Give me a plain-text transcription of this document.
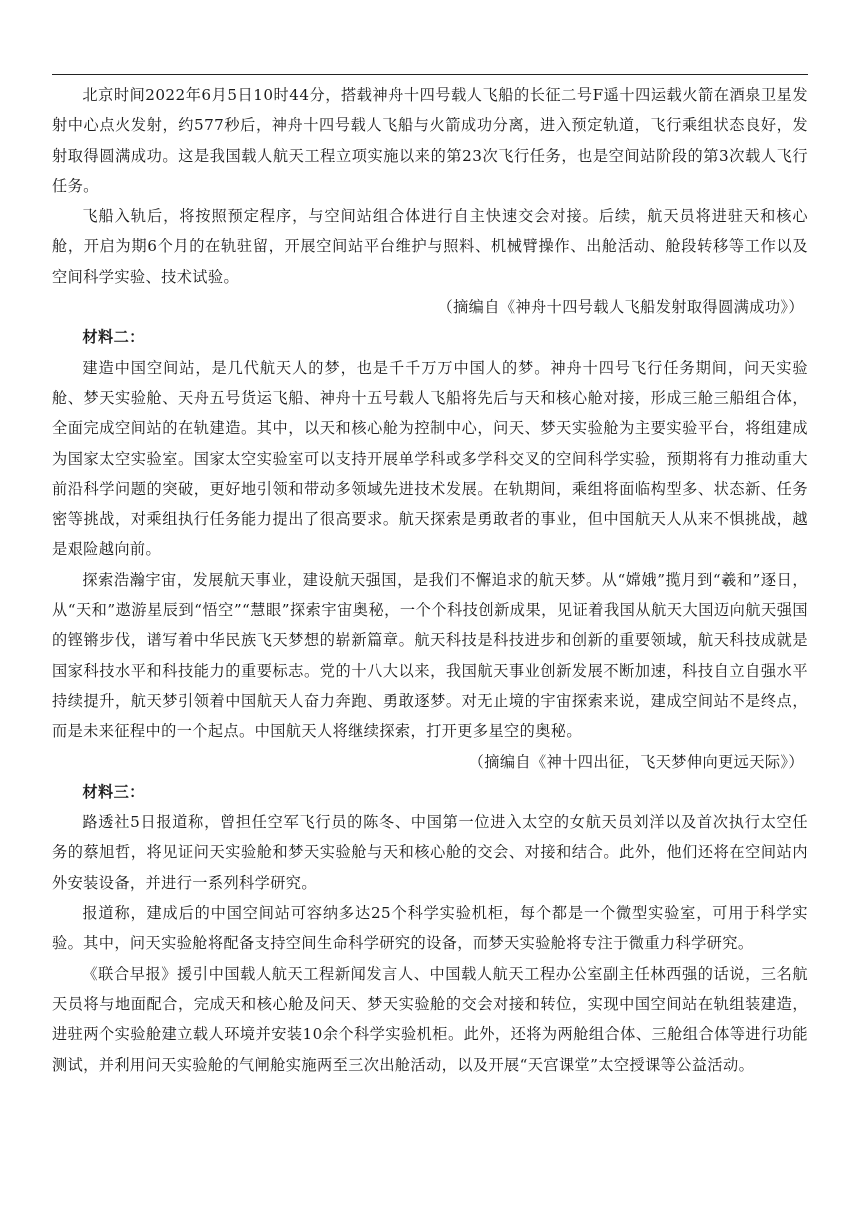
北京时间2022年6月5日10时44分，搭载神舟十四号载人飞船的长征二号F遥十四运载火箭在酒泉卫星发射中心点火发射，约577秒后，神舟十四号载人飞船与火箭成功分离，进入预定轨道，飞行乘组状态良好，发射取得圆满成功。这是我国载人航天工程立项实施以来的第23次飞行任务，也是空间站阶段的第3次载人飞行任务。

飞船入轨后，将按照预定程序，与空间站组合体进行自主快速交会对接。后续，航天员将进驻天和核心舱，开启为期6个月的在轨驻留，开展空间站平台维护与照料、机械臂操作、出舱活动、舱段转移等工作以及空间科学实验、技术试验。

（摘编自《神舟十四号载人飞船发射取得圆满成功》）

材料二：

建造中国空间站，是几代航天人的梦，也是千千万万中国人的梦。神舟十四号飞行任务期间，问天实验舱、梦天实验舱、天舟五号货运飞船、神舟十五号载人飞船将先后与天和核心舱对接，形成三舱三船组合体，全面完成空间站的在轨建造。其中，以天和核心舱为控制中心，问天、梦天实验舱为主要实验平台，将组建成为国家太空实验室。国家太空实验室可以支持开展单学科或多学科交叉的空间科学实验，预期将有力推动重大前沿科学问题的突破，更好地引领和带动多领域先进技术发展。在轨期间，乘组将面临构型多、状态新、任务密等挑战，对乘组执行任务能力提出了很高要求。航天探索是勇敢者的事业，但中国航天人从来不惧挑战，越是艰险越向前。

探索浩瀚宇宙，发展航天事业，建设航天强国，是我们不懈追求的航天梦。从“嫦娥”揽月到“羲和”逐日，从“天和”遨游星辰到“悟空”“慧眼”探索宇宙奥秘，一个个科技创新成果，见证着我国从航天大国迈向航天强国的铿锵步伐，谱写着中华民族飞天梦想的崭新篇章。航天科技是科技进步和创新的重要领域，航天科技成就是国家科技水平和科技能力的重要标志。党的十八大以来，我国航天事业创新发展不断加速，科技自立自强水平持续提升，航天梦引领着中国航天人奋力奔跑、勇敢逐梦。对无止境的宇宙探索来说，建成空间站不是终点，而是未来征程中的一个起点。中国航天人将继续探索，打开更多星空的奥秘。

（摘编自《神十四出征，飞天梦伸向更远天际》）

材料三：

路透社5日报道称，曾担任空军飞行员的陈冬、中国第一位进入太空的女航天员刘洋以及首次执行太空任务的蔡旭哲，将见证问天实验舱和梦天实验舱与天和核心舱的交会、对接和结合。此外，他们还将在空间站内外安装设备，并进行一系列科学研究。

报道称，建成后的中国空间站可容纳多达25个科学实验机柜，每个都是一个微型实验室，可用于科学实验。其中，问天实验舱将配备支持空间生命科学研究的设备，而梦天实验舱将专注于微重力科学研究。

《联合早报》援引中国载人航天工程新闻发言人、中国载人航天工程办公室副主任林西强的话说，三名航天员将与地面配合，完成天和核心舱及问天、梦天实验舱的交会对接和转位，实现中国空间站在轨组装建造，进驻两个实验舱建立载人环境并安装10余个科学实验机柜。此外，还将为两舱组合体、三舱组合体等进行功能测试，并利用问天实验舱的气闸舱实施两至三次出舱活动，以及开展“天宫课堂”太空授课等公益活动。
